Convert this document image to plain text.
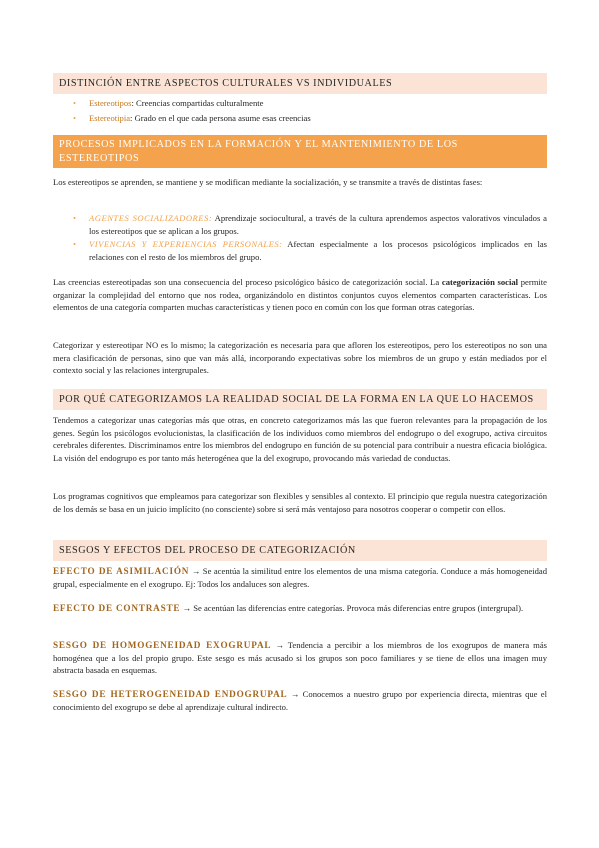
DISTINCIÓN ENTRE ASPECTOS CULTURALES VS INDIVIDUALES
• Estereotipos: Creencias compartidas culturalmente
• Estereotipia: Grado en el que cada persona asume esas creencias
PROCESOS IMPLICADOS EN LA FORMACIÓN Y EL MANTENIMIENTO DE LOS ESTEREOTIPOS

Los estereotipos se aprenden, se mantiene y se modifican mediante la socialización, y se transmite a través de distintas fases:

• AGENTES SOCIALIZADORES: Aprendizaje sociocultural, a través de la cultura aprendemos aspectos valorativos vinculados a los estereotipos que se aplican a los grupos.
• VIVENCIAS Y EXPERIENCIAS PERSONALES: Afectan especialmente a los procesos psicológicos implicados en las relaciones con el resto de los miembros del grupo.

Las creencias estereotipadas son una consecuencia del proceso psicológico básico de categorización social. La categorización social permite organizar la complejidad del entorno que nos rodea, organizándolo en distintos conjuntos cuyos elementos comparten características. Los elementos de una categoría comparten muchas características y tienen poco en común con los que forman otras categorías.

Categorizar y estereotipar NO es lo mismo; la categorización es necesaria para que afloren los estereotipos, pero los estereotipos no son una mera clasificación de personas, sino que van más allá, incorporando expectativas sobre los miembros de un grupo y están mediados por el contexto social y las relaciones intergrupales.

POR QUÉ CATEGORIZAMOS LA REALIDAD SOCIAL DE LA FORMA EN LA QUE LO HACEMOS

Tendemos a categorizar unas categorías más que otras, en concreto categorizamos más las que fueron relevantes para la propagación de los genes. Según los psicólogos evolucionistas, la clasificación de los individuos como miembros del endogrupo o del exogrupo, activa circuitos cerebrales diferentes. Discriminamos entre los miembros del endogrupo en función de su potencial para contribuir a nuestra eficacia biológica. La visión del endogrupo es por tanto más heterogénea que la del exogrupo, provocando más variedad de conductas.

Los programas cognitivos que empleamos para categorizar son flexibles y sensibles al contexto. El principio que regula nuestra categorización de los demás se basa en un juicio implícito (no consciente) sobre si será más ventajoso para nosotros cooperar o competir con ellos.

SESGOS Y EFECTOS DEL PROCESO DE CATEGORIZACIÓN

EFECTO DE ASIMILACIÓN → Se acentúa la similitud entre los elementos de una misma categoría. Conduce a más homogeneidad grupal, especialmente en el exogrupo. Ej: Todos los andaluces son alegres.

EFECTO DE CONTRASTE → Se acentúan las diferencias entre categorías. Provoca más diferencias entre grupos (intergrupal).

SESGO DE HOMOGENEIDAD EXOGRUPAL → Tendencia a percibir a los miembros de los exogrupos de manera más homogénea que a los del propio grupo. Este sesgo es más acusado si los grupos son poco familiares y se tiene de ellos una imagen muy abstracta basada en esquemas.

SESGO DE HETEROGENEIDAD ENDOGRUPAL → Conocemos a nuestro grupo por experiencia directa, mientras que el conocimiento del exogrupo se debe al aprendizaje cultural indirecto.
